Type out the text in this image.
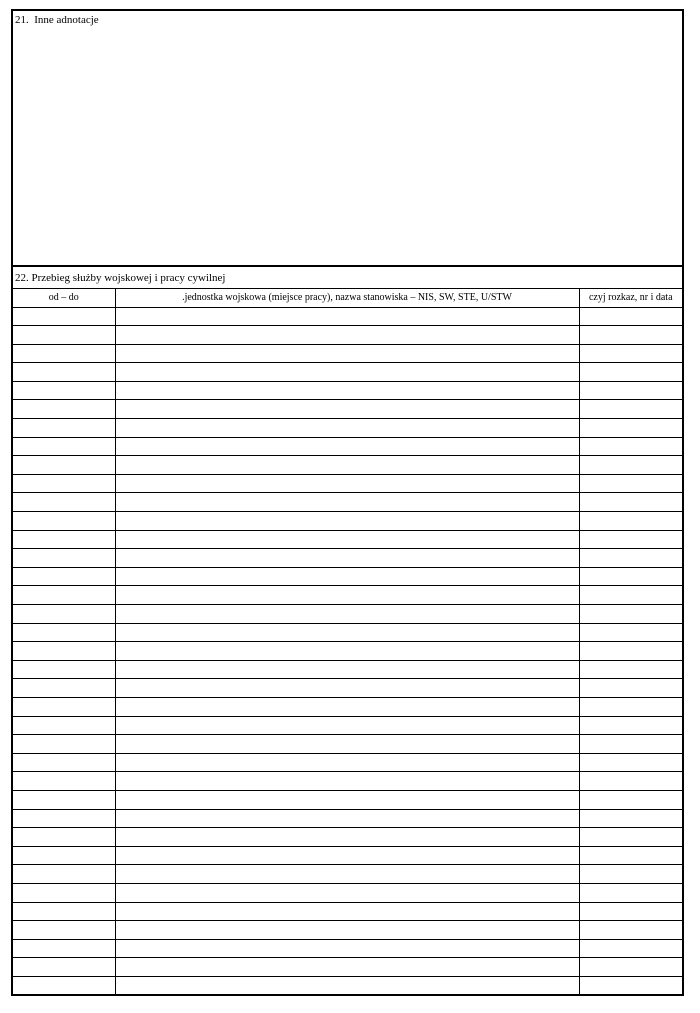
21.  Inne adnotacje
22. Przebieg służby wojskowej i pracy cywilnej
od – do	.jednostka wojskowa (miejsce pracy), nazwa stanowiska – NIS, SW, STE, U/STW	czyj rozkaz, nr i data
